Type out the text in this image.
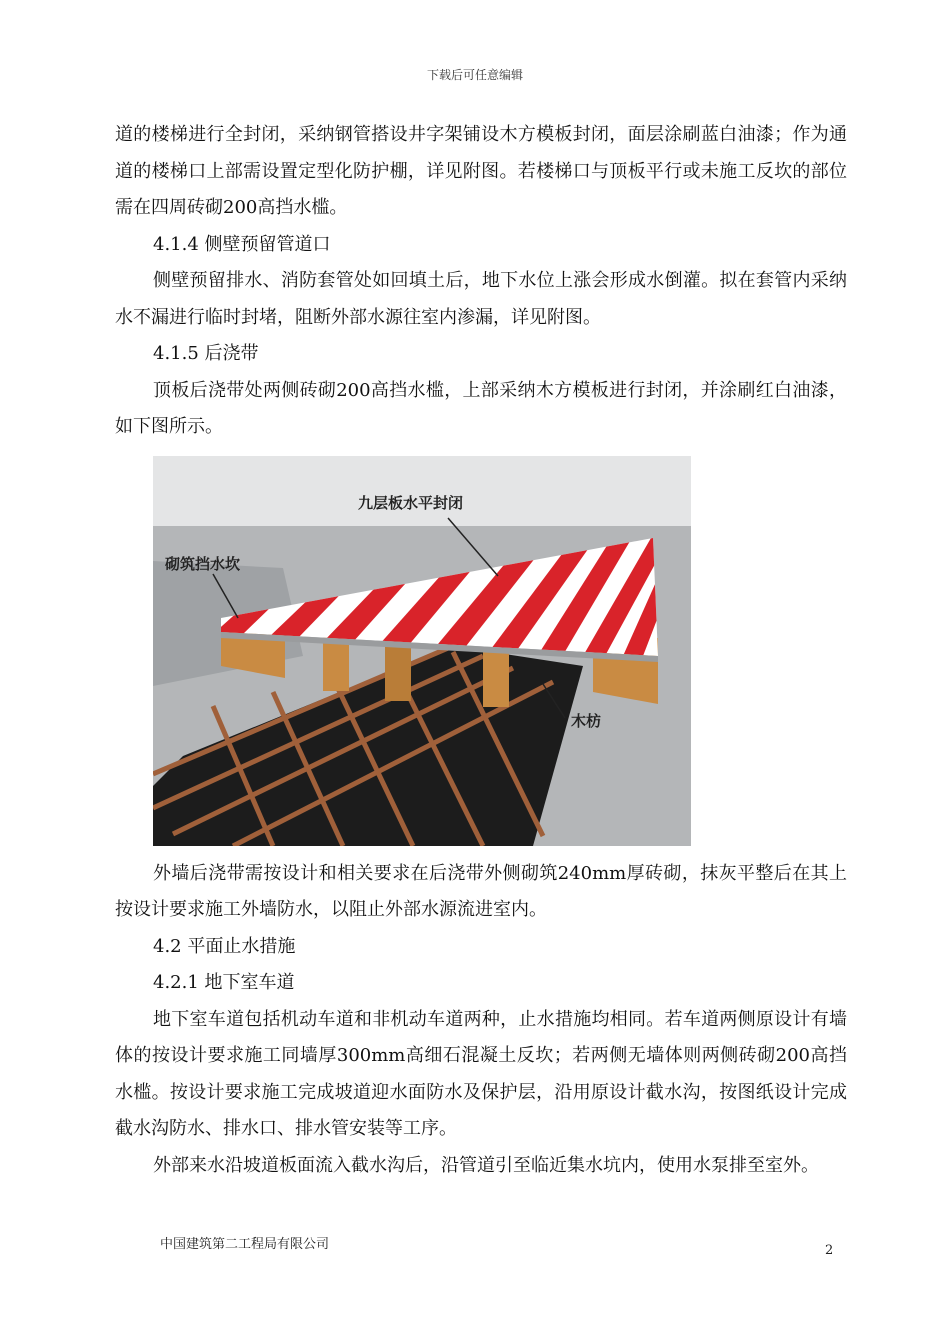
下载后可任意编辑

道的楼梯进行全封闭，采纳钢管搭设井字架铺设木方模板封闭，面层涂刷蓝白油漆；作为通道的楼梯口上部需设置定型化防护棚，详见附图。若楼梯口与顶板平行或未施工反坎的部位需在四周砖砌200高挡水槛。

4.1.4 侧壁预留管道口

侧壁预留排水、消防套管处如回填土后，地下水位上涨会形成水倒灌。拟在套管内采纳水不漏进行临时封堵，阻断外部水源往室内渗漏，详见附图。

4.1.5 后浇带

顶板后浇带处两侧砖砌200高挡水槛，上部采纳木方模板进行封闭，并涂刷红白油漆，如下图所示。

九层板水平封闭
砌筑挡水坎
木枋

外墙后浇带需按设计和相关要求在后浇带外侧砌筑240mm厚砖砌，抹灰平整后在其上按设计要求施工外墙防水，以阻止外部水源流进室内。

4.2 平面止水措施

4.2.1 地下室车道

地下室车道包括机动车道和非机动车道两种，止水措施均相同。若车道两侧原设计有墙体的按设计要求施工同墙厚300mm高细石混凝土反坎；若两侧无墙体则两侧砖砌200高挡水槛。按设计要求施工完成坡道迎水面防水及保护层，沿用原设计截水沟，按图纸设计完成截水沟防水、排水口、排水管安装等工序。

外部来水沿坡道板面流入截水沟后，沿管道引至临近集水坑内，使用水泵排至室外。

中国建筑第二工程局有限公司	2
